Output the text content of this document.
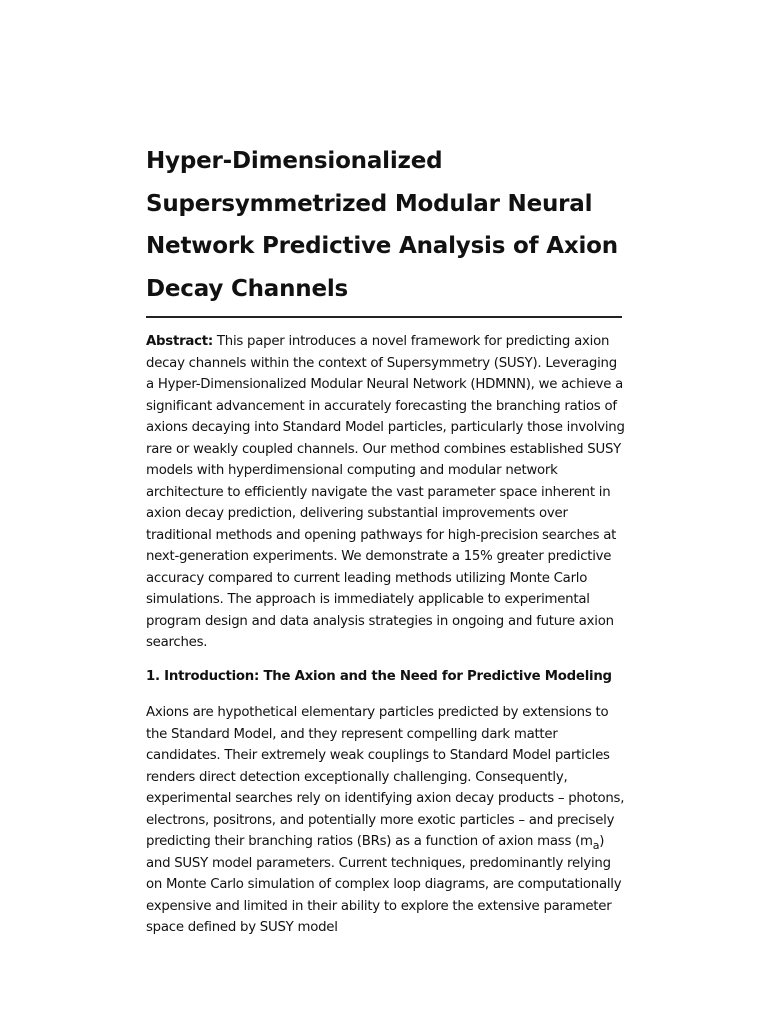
Hyper-Dimensionalized Supersymmetrized Modular Neural Network Predictive Analysis of Axion Decay Channels

Abstract: This paper introduces a novel framework for predicting axion decay channels within the context of Supersymmetry (SUSY). Leveraging a Hyper-Dimensionalized Modular Neural Network (HDMNN), we achieve a significant advancement in accurately forecasting the branching ratios of axions decaying into Standard Model particles, particularly those involving rare or weakly coupled channels. Our method combines established SUSY models with hyperdimensional computing and modular network architecture to efficiently navigate the vast parameter space inherent in axion decay prediction, delivering substantial improvements over traditional methods and opening pathways for high-precision searches at next-generation experiments. We demonstrate a 15% greater predictive accuracy compared to current leading methods utilizing Monte Carlo simulations. The approach is immediately applicable to experimental program design and data analysis strategies in ongoing and future axion searches.

1. Introduction: The Axion and the Need for Predictive Modeling

Axions are hypothetical elementary particles predicted by extensions to the Standard Model, and they represent compelling dark matter candidates. Their extremely weak couplings to Standard Model particles renders direct detection exceptionally challenging. Consequently, experimental searches rely on identifying axion decay products – photons, electrons, positrons, and potentially more exotic particles – and precisely predicting their branching ratios (BRs) as a function of axion mass $(m_a)$ and SUSY model parameters. Current techniques, predominantly relying on Monte Carlo simulation of complex loop diagrams, are computationally expensive and limited in their ability to explore the extensive parameter space defined by SUSY model
